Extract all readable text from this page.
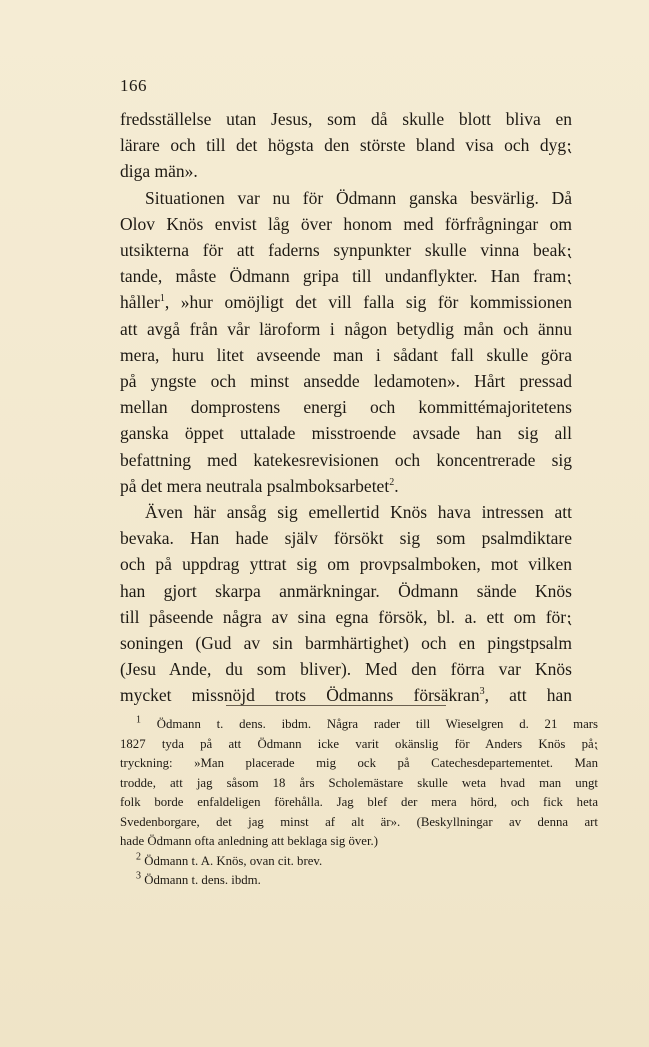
166
fredsställelse utan Jesus, som då skulle blott bliva en
lärare och till det högsta den störste bland visa och dyg⁏
diga män».
Situationen var nu för Ödmann ganska besvärlig. Då
Olov Knös envist låg över honom med förfrågningar om
utsikterna för att faderns synpunkter skulle vinna beak⁏
tande, måste Ödmann gripa till undanflykter. Han fram⁏
håller$^1$, »hur omöjligt det vill falla sig för kommissionen
att avgå från vår läroform i någon betydlig mån och ännu
mera, huru litet avseende man i sådant fall skulle göra
på yngste och minst ansedde ledamoten». Hårt pressad
mellan domprostens energi och kommittémajoritetens
ganska öppet uttalade misstroende avsade han sig all
befattning med katekesrevisionen och koncentrerade sig
på det mera neutrala psalmboksarbetet$^2$.
Även här ansåg sig emellertid Knös hava intressen att
bevaka. Han hade själv försökt sig som psalmdiktare
och på uppdrag yttrat sig om provpsalmboken, mot vilken
han gjort skarpa anmärkningar. Ödmann sände Knös
till påseende några av sina egna försök, bl. a. ett om för⁏
soningen (Gud av sin barmhärtighet) och en pingstpsalm
(Jesu Ande, du som bliver). Med den förra var Knös
mycket missnöjd trots Ödmanns försäkran$^3$, att han
$^1$ Ödmann t. dens. ibdm. Några rader till Wieselgren d. 21 mars
1827 tyda på att Ödmann icke varit okänslig för Anders Knös på⁏
tryckning: »Man placerade mig ock på Catechesdepartementet. Man
trodde, att jag såsom 18 års Scholemästare skulle weta hvad man ungt
folk borde enfaldeligen förehålla. Jag blef der mera hörd, och fick heta
Svedenborgare, det jag minst af alt är». (Beskyllningar av denna art
hade Ödmann ofta anledning att beklaga sig över.)
$^2$ Ödmann t. A. Knös, ovan cit. brev.
$^3$ Ödmann t. dens. ibdm.
